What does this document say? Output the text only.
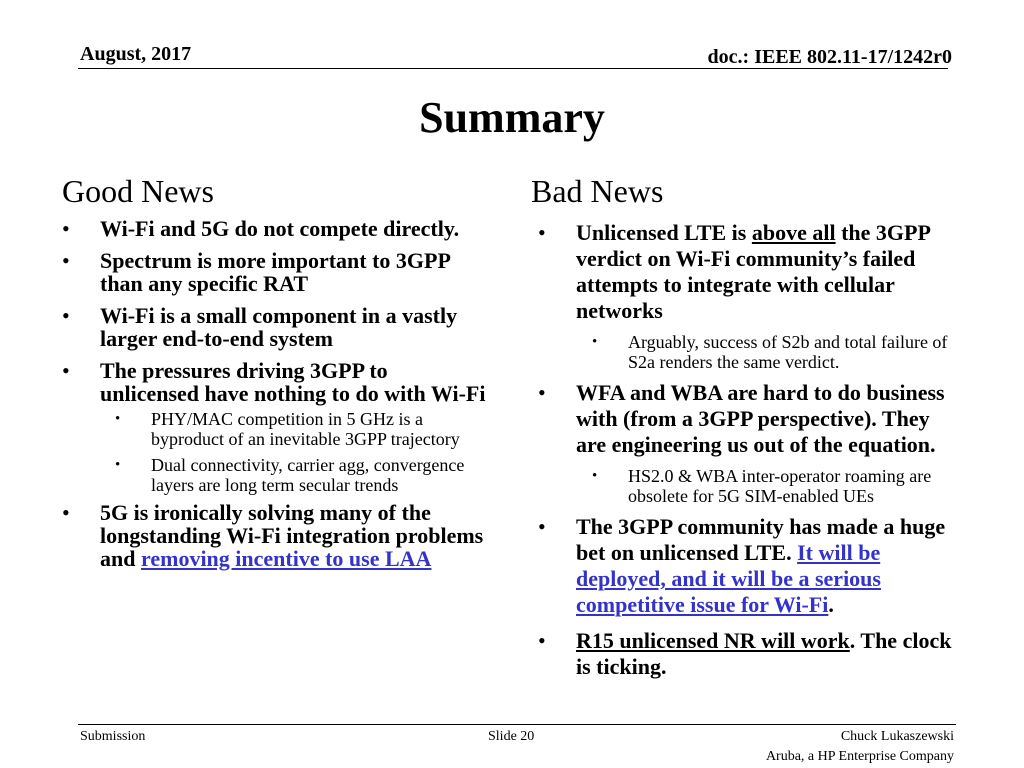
August, 2017	doc.: IEEE 802.11-17/1242r0
Summary
Good News
• Wi-Fi and 5G do not compete directly.
• Spectrum is more important to 3GPP than any specific RAT
• Wi-Fi is a small component in a vastly larger end-to-end system
• The pressures driving 3GPP to unlicensed have nothing to do with Wi-Fi
• PHY/MAC competition in 5 GHz is a byproduct of an inevitable 3GPP trajectory
• Dual connectivity, carrier agg, convergence layers are long term secular trends
• 5G is ironically solving many of the longstanding Wi-Fi integration problems and removing incentive to use LAA
Bad News
• Unlicensed LTE is above all the 3GPP verdict on Wi-Fi community’s failed attempts to integrate with cellular networks
• Arguably, success of S2b and total failure of S2a renders the same verdict.
• WFA and WBA are hard to do business with (from a 3GPP perspective). They are engineering us out of the equation.
• HS2.0 & WBA inter-operator roaming are obsolete for 5G SIM-enabled UEs
• The 3GPP community has made a huge bet on unlicensed LTE. It will be deployed, and it will be a serious competitive issue for Wi-Fi.
• R15 unlicensed NR will work. The clock is ticking.
Submission	Slide 20	Chuck Lukaszewski
Aruba, a HP Enterprise Company
